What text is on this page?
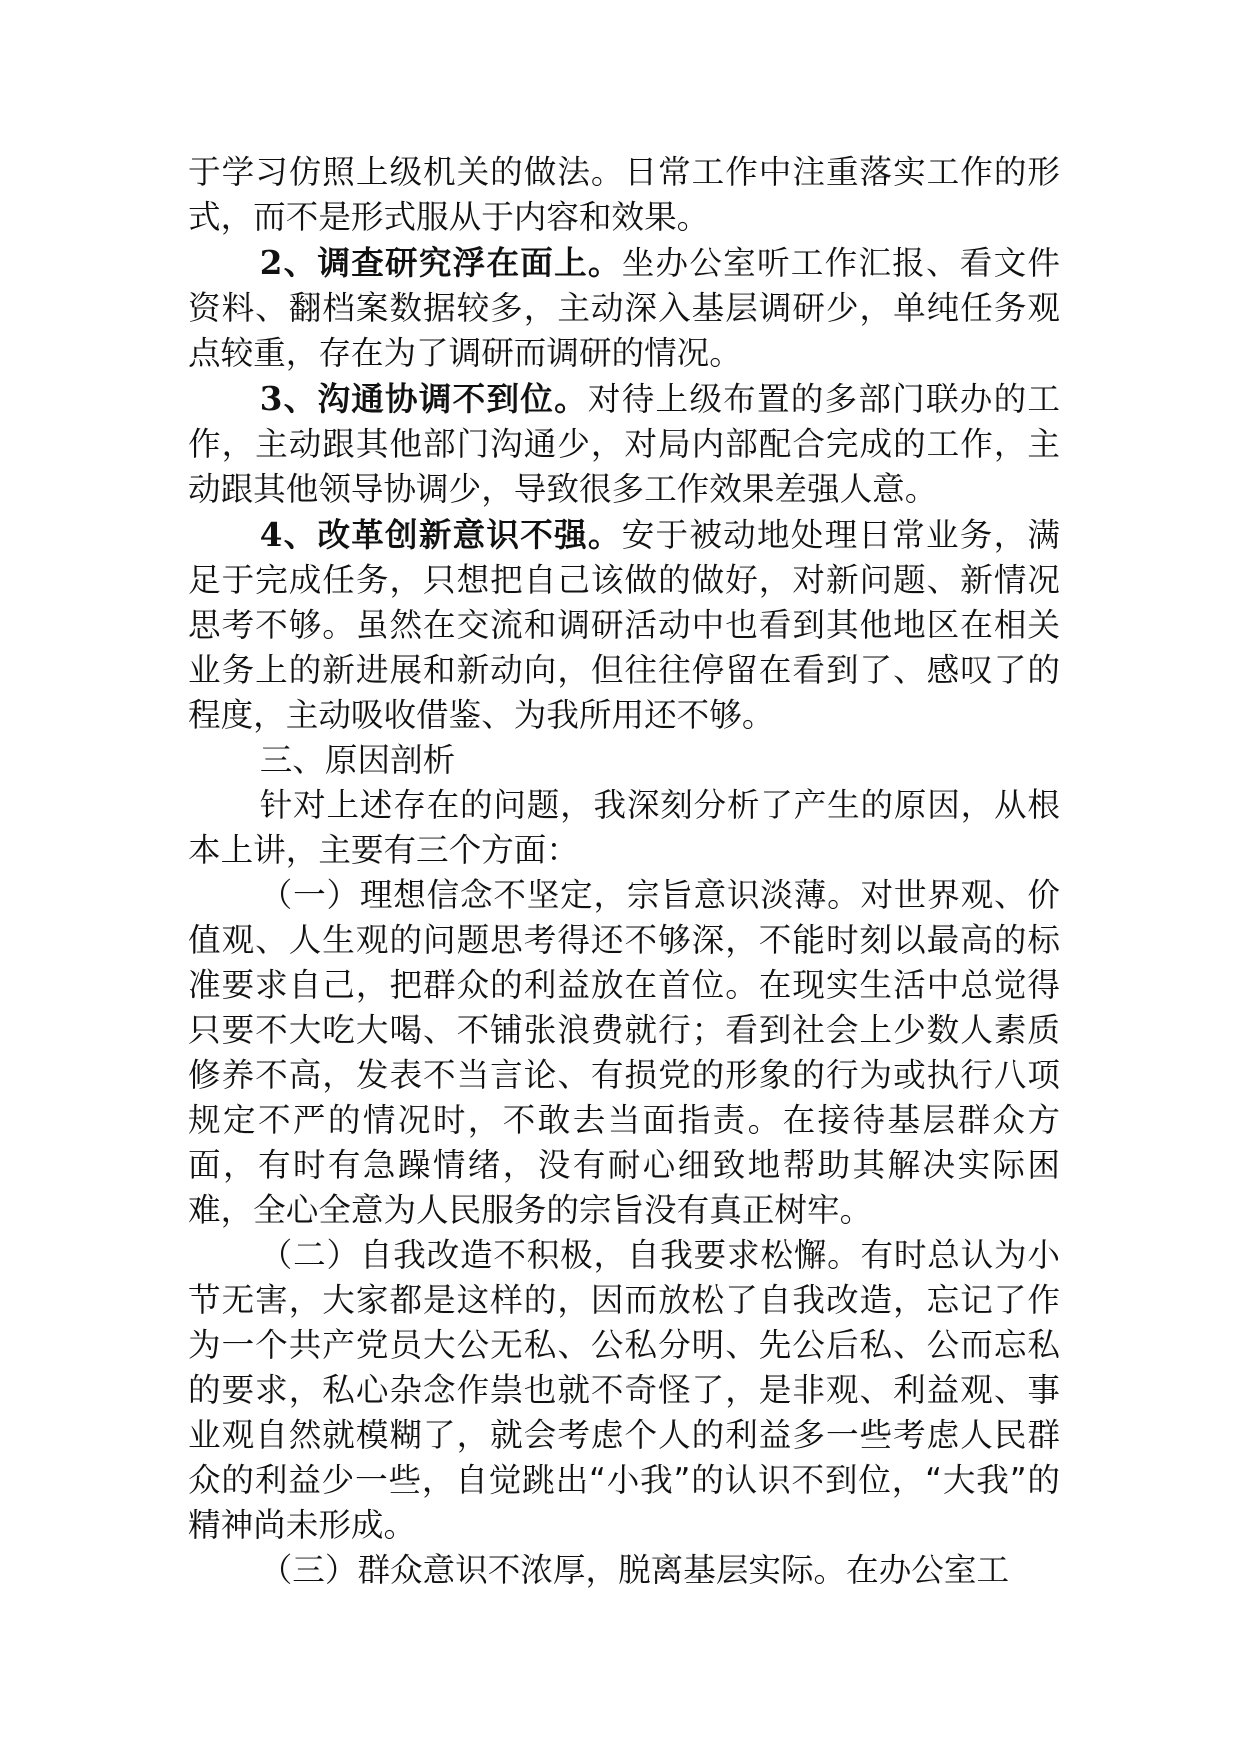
于学习仿照上级机关的做法。日常工作中注重落实工作的形式，而不是形式服从于内容和效果。

2、调查研究浮在面上。坐办公室听工作汇报、看文件资料、翻档案数据较多，主动深入基层调研少，单纯任务观点较重，存在为了调研而调研的情况。

3、沟通协调不到位。对待上级布置的多部门联办的工作，主动跟其他部门沟通少，对局内部配合完成的工作，主动跟其他领导协调少，导致很多工作效果差强人意。

4、改革创新意识不强。安于被动地处理日常业务，满足于完成任务，只想把自己该做的做好，对新问题、新情况思考不够。虽然在交流和调研活动中也看到其他地区在相关业务上的新进展和新动向，但往往停留在看到了、感叹了的程度，主动吸收借鉴、为我所用还不够。

三、原因剖析

针对上述存在的问题，我深刻分析了产生的原因，从根本上讲，主要有三个方面：

（一）理想信念不坚定，宗旨意识淡薄。对世界观、价值观、人生观的问题思考得还不够深，不能时刻以最高的标准要求自己，把群众的利益放在首位。在现实生活中总觉得只要不大吃大喝、不铺张浪费就行；看到社会上少数人素质修养不高，发表不当言论、有损党的形象的行为或执行八项规定不严的情况时，不敢去当面指责。在接待基层群众方面，有时有急躁情绪，没有耐心细致地帮助其解决实际困难，全心全意为人民服务的宗旨没有真正树牢。

（二）自我改造不积极，自我要求松懈。有时总认为小节无害，大家都是这样的，因而放松了自我改造，忘记了作为一个共产党员大公无私、公私分明、先公后私、公而忘私的要求，私心杂念作祟也就不奇怪了，是非观、利益观、事业观自然就模糊了，就会考虑个人的利益多一些考虑人民群众的利益少一些，自觉跳出“小我”的认识不到位，“大我”的精神尚未形成。

（三）群众意识不浓厚，脱离基层实际。在办公室工
